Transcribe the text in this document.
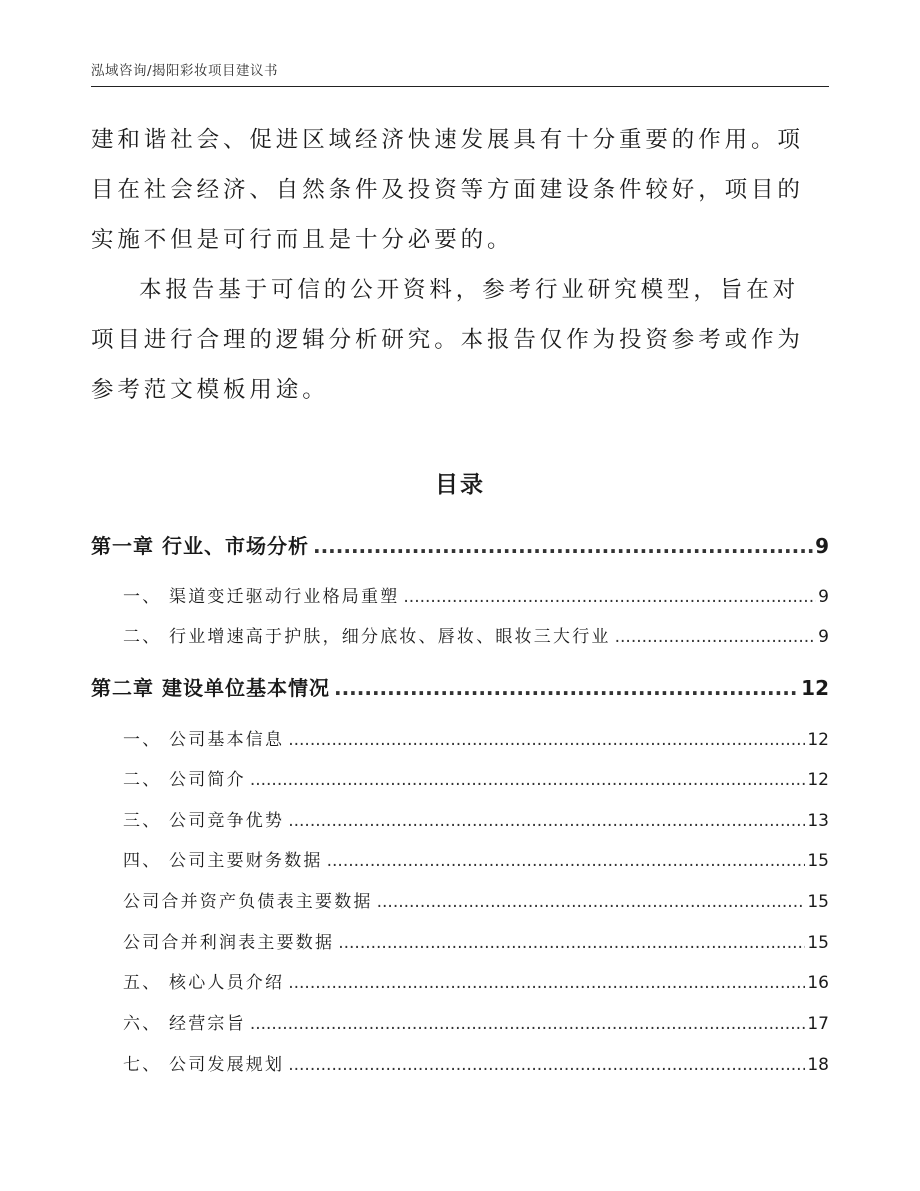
泓域咨询/揭阳彩妆项目建议书

建和谐社会、促进区域经济快速发展具有十分重要的作用。项目在社会经济、自然条件及投资等方面建设条件较好，项目的实施不但是可行而且是十分必要的。

本报告基于可信的公开资料，参考行业研究模型，旨在对项目进行合理的逻辑分析研究。本报告仅作为投资参考或作为参考范文模板用途。

目录
第一章 行业、市场分析 .....	9
一、 渠道变迁驱动行业格局重塑 .....	9
二、 行业增速高于护肤，细分底妆、唇妆、眼妆三大行业 .....	9
第二章 建设单位基本情况 .....	12
一、 公司基本信息 .....	12
二、 公司简介 .....	12
三、 公司竞争优势 .....	13
四、 公司主要财务数据 .....	15
公司合并资产负债表主要数据 .....	15
公司合并利润表主要数据 .....	15
五、 核心人员介绍 .....	16
六、 经营宗旨 .....	17
七、 公司发展规划 .....	18
